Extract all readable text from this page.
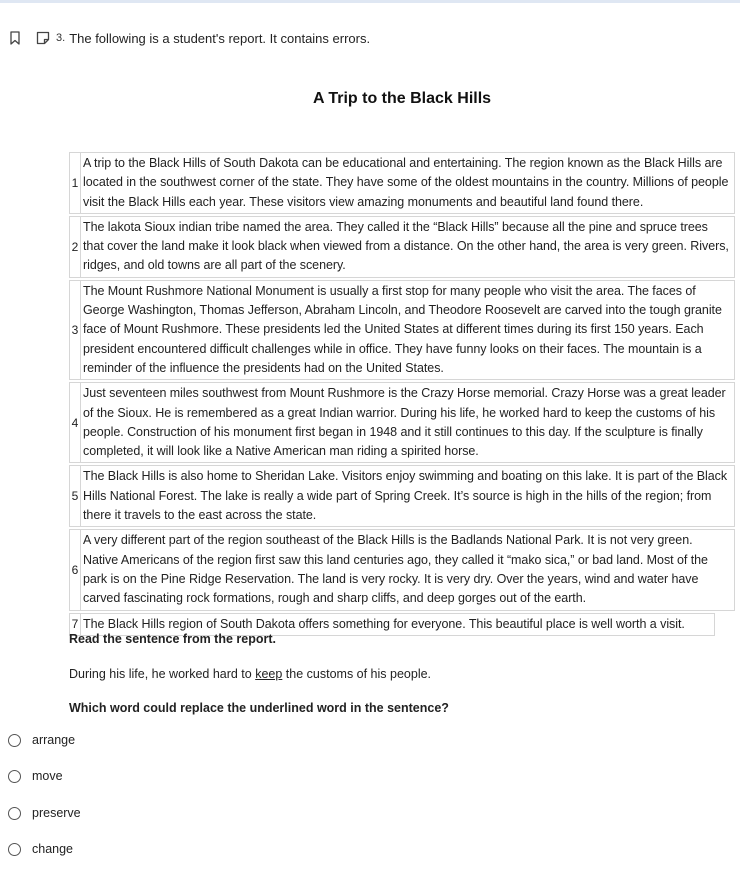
3. The following is a student's report. It contains errors.
A Trip to the Black Hills
1
A trip to the Black Hills of South Dakota can be educational and entertaining. The region known as the Black Hills are located in the southwest corner of the state. They have some of the oldest mountains in the country. Millions of people visit the Black Hills each year. These visitors view amazing monuments and beautiful land found there.
2
The lakota Sioux indian tribe named the area. They called it the “Black Hills” because all the pine and spruce trees that cover the land make it look black when viewed from a distance. On the other hand, the area is very green. Rivers, ridges, and old towns are all part of the scenery.
3
The Mount Rushmore National Monument is usually a first stop for many people who visit the area. The faces of George Washington, Thomas Jefferson, Abraham Lincoln, and Theodore Roosevelt are carved into the tough granite face of Mount Rushmore. These presidents led the United States at different times during its first 150 years. Each president encountered difficult challenges while in office. They have funny looks on their faces. The mountain is a reminder of the influence the presidents had on the United States.
4
Just seventeen miles southwest from Mount Rushmore is the Crazy Horse memorial. Crazy Horse was a great leader of the Sioux. He is remembered as a great Indian warrior. During his life, he worked hard to keep the customs of his people. Construction of his monument first began in 1948 and it still continues to this day. If the sculpture is finally completed, it will look like a Native American man riding a spirited horse.
5
The Black Hills is also home to Sheridan Lake. Visitors enjoy swimming and boating on this lake. It is part of the Black Hills National Forest. The lake is really a wide part of Spring Creek. It’s source is high in the hills of the region; from there it travels to the east across the state.
6
A very different part of the region southeast of the Black Hills is the Badlands National Park. It is not very green. Native Americans of the region first saw this land centuries ago, they called it “mako sica,” or bad land. Most of the park is on the Pine Ridge Reservation. The land is very rocky. It is very dry. Over the years, wind and water have carved fascinating rock formations, rough and sharp cliffs, and deep gorges out of the earth.
7 The Black Hills region of South Dakota offers something for everyone. This beautiful place is well worth a visit.
Read the sentence from the report.
During his life, he worked hard to keep the customs of his people.
Which word could replace the underlined word in the sentence?
arrange
move
preserve
change
